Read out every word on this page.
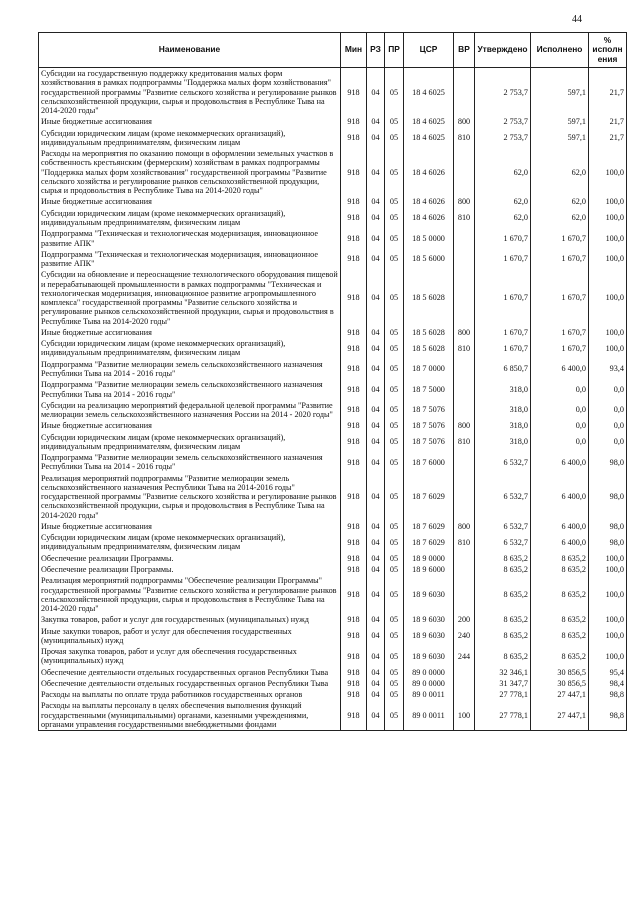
44
Наименование	Мин	РЗ	ПР	ЦСР	ВР	Утверждено	Исполнено	% исполн ения
Субсидии на государственную поддержку кредитования малых форм хозяйствования в рамках подпрограммы "Поддержка малых форм хозяйствования" государственной программы "Развитие сельского хозяйства и регулирование рынков сельскохозяйственной продукции, сырья и продовольствия в Республике Тыва на 2014-2020 годы"	918	04	05	18 4 6025		2 753,7	597,1	21,7
Иные бюджетные ассигнования	918	04	05	18 4 6025	800	2 753,7	597,1	21,7
Субсидии юридическим лицам (кроме некоммерческих организаций), индивидуальным предпринимателям, физическим лицам	918	04	05	18 4 6025	810	2 753,7	597,1	21,7
Расходы на мероприятия по оказанию помощи в оформлении земельных участков в собственность крестьянским (фермерским) хозяйствам в рамках подпрограммы "Поддержка малых форм хозяйствования" государственной программы "Развитие сельского хозяйства и регулирование рынков сельскохозяйственной продукции, сырья и продовольствия в Республике Тыва на 2014-2020 годы"	918	04	05	18 4 6026		62,0	62,0	100,0
Иные бюджетные ассигнования	918	04	05	18 4 6026	800	62,0	62,0	100,0
Субсидии юридическим лицам (кроме некоммерческих организаций), индивидуальным предпринимателям, физическим лицам	918	04	05	18 4 6026	810	62,0	62,0	100,0
Подпрограмма "Техническая и технологическая модернизация, инновационное развитие АПК"	918	04	05	18 5 0000		1 670,7	1 670,7	100,0
Подпрограмма "Техническая и технологическая модернизация, инновационное развитие АПК"	918	04	05	18 5 6000		1 670,7	1 670,7	100,0
Субсидии на обновление и переоснащение технологического оборудования пищевой и перерабатывающей промышленности в рамках подпрограммы "Техническая и технологическая модернизация, инновационное развитие агропромышленного комплекса" государственной программы "Развитие сельского хозяйства и регулирование рынков сельскохозяйственной продукции, сырья и продовольствия в Республике Тыва на 2014-2020 годы"	918	04	05	18 5 6028		1 670,7	1 670,7	100,0
Иные бюджетные ассигнования	918	04	05	18 5 6028	800	1 670,7	1 670,7	100,0
Субсидии юридическим лицам (кроме некоммерческих организаций), индивидуальным предпринимателям, физическим лицам	918	04	05	18 5 6028	810	1 670,7	1 670,7	100,0
Подпрограмма "Развитие мелиорации земель сельскохозяйственного назначения Республики Тыва на 2014 - 2016 годы"	918	04	05	18 7 0000		6 850,7	6 400,0	93,4
Подпрограмма "Развитие мелиорации земель сельскохозяйственного назначения Республики Тыва на 2014 - 2016 годы"	918	04	05	18 7 5000		318,0	0,0	0,0
Субсидии на реализацию мероприятий федеральной целевой программы "Развитие мелиорации земель сельскохозяйственного назначения России на 2014 - 2020 годы"	918	04	05	18 7 5076		318,0	0,0	0,0
Иные бюджетные ассигнования	918	04	05	18 7 5076	800	318,0	0,0	0,0
Субсидии юридическим лицам (кроме некоммерческих организаций), индивидуальным предпринимателям, физическим лицам	918	04	05	18 7 5076	810	318,0	0,0	0,0
Подпрограмма "Развитие мелиорации земель сельскохозяйственного назначения Республики Тыва на 2014 - 2016 годы"	918	04	05	18 7 6000		6 532,7	6 400,0	98,0
Реализация мероприятий подпрограммы "Развитие мелиорации земель сельскохозяйственного назначения Республики Тыва на 2014-2016 годы" государственной программы "Развитие сельского хозяйства и регулирование рынков сельскохозяйственной продукции, сырья и продовольствия в Республике Тыва на 2014-2020 годы"	918	04	05	18 7 6029		6 532,7	6 400,0	98,0
Иные бюджетные ассигнования	918	04	05	18 7 6029	800	6 532,7	6 400,0	98,0
Субсидии юридическим лицам (кроме некоммерческих организаций), индивидуальным предпринимателям, физическим лицам	918	04	05	18 7 6029	810	6 532,7	6 400,0	98,0
Обеспечение реализации Программы.	918	04	05	18 9 0000		8 635,2	8 635,2	100,0
Обеспечение реализации Программы.	918	04	05	18 9 6000		8 635,2	8 635,2	100,0
Реализация мероприятий подпрограммы "Обеспечение реализации Программы" государственной программы "Развитие сельского хозяйства и регулирование рынков сельскохозяйственной продукции, сырья и продовольствия в Республике Тыва на 2014-2020 годы"	918	04	05	18 9 6030		8 635,2	8 635,2	100,0
Закупка товаров, работ и услуг для государственных (муниципальных) нужд	918	04	05	18 9 6030	200	8 635,2	8 635,2	100,0
Иные закупки товаров, работ и услуг для обеспечения государственных (муниципальных) нужд	918	04	05	18 9 6030	240	8 635,2	8 635,2	100,0
Прочая закупка товаров, работ и услуг для обеспечения государственных (муниципальных) нужд	918	04	05	18 9 6030	244	8 635,2	8 635,2	100,0
Обеспечение деятельности отдельных государственных органов Республики Тыва	918	04	05	89 0 0000		32 346,1	30 856,5	95,4
Обеспечение деятельности отдельных государственных органов Республики Тыва	918	04	05	89 0 0000		31 347,7	30 856,5	98,4
Расходы на выплаты по оплате труда работников государственных органов	918	04	05	89 0 0011		27 778,1	27 447,1	98,8
Расходы на выплаты персоналу в целях обеспечения выполнения функций государственными (муниципальными) органами, казенными учреждениями, органами управления государственными внебюджетными фондами	918	04	05	89 0 0011	100	27 778,1	27 447,1	98,8
